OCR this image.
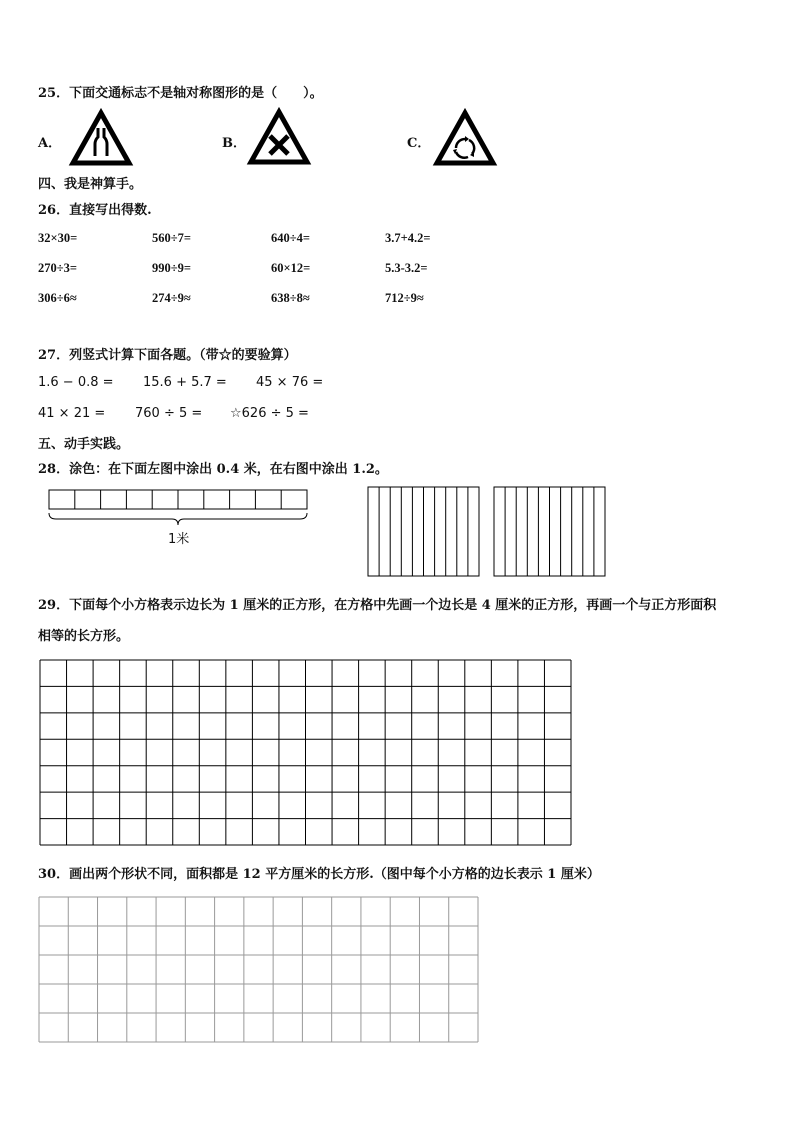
25．下面交通标志不是轴对称图形的是（　　）。
A．	B．	C．
四、我是神算手。
26．直接写出得数.
32×30=	560÷7=	640÷4=	3.7+4.2=
270÷3=	990÷9=	60×12=	5.3-3.2=
306÷6≈	274÷9≈	638÷8≈	712÷9≈
27．列竖式计算下面各题。（带☆的要验算）
1.6 − 0.8 = 15.6 + 5.7 = 45 × 76 =
41 × 21 = 760 ÷ 5 = ☆626 ÷ 5 =
五、动手实践。
28．涂色：在下面左图中涂出 0.4 米，在右图中涂出 1.2。
1米
29．下面每个小方格表示边长为 1 厘米的正方形，在方格中先画一个边长是 4 厘米的正方形，再画一个与正方形面积
相等的长方形。
30．画出两个形状不同，面积都是 12 平方厘米的长方形.（图中每个小方格的边长表示 1 厘米）
